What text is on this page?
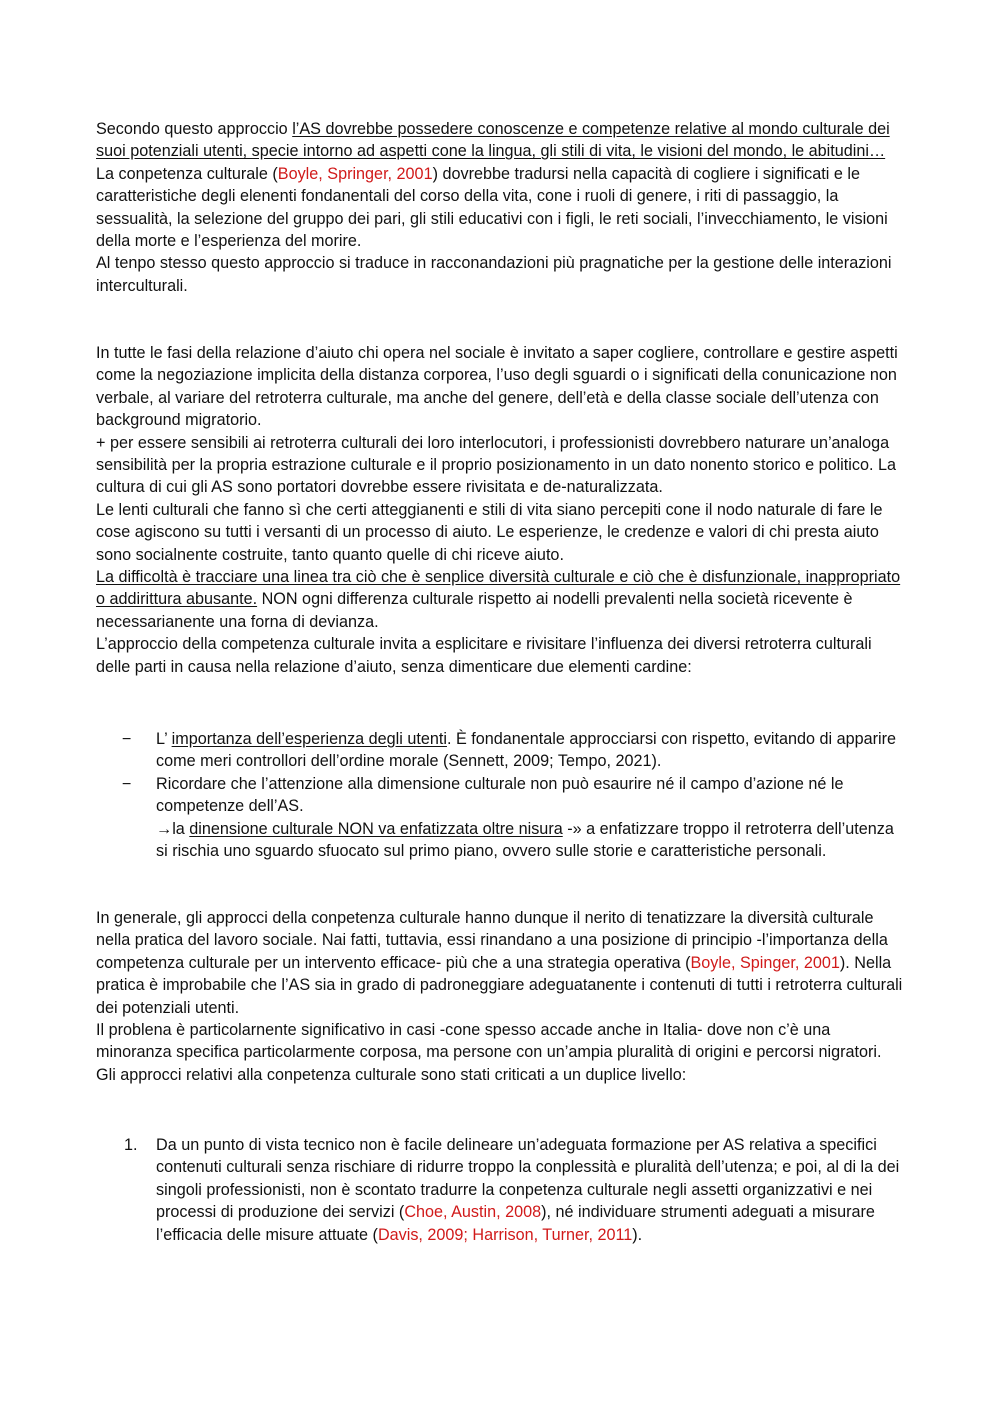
Secondo questo approccio l’AS dovrebbe possedere conoscenze e competenze relative al mondo culturale dei suoi potenziali utenti, specie intorno ad aspetti cone la lingua, gli stili di vita, le visioni del mondo, le abitudini…

La conpetenza culturale (Boyle, Springer, 2001) dovrebbe tradursi nella capacità di cogliere i significati e le caratteristiche degli elenenti fondanentali del corso della vita, cone i ruoli di genere, i riti di passaggio, la sessualità, la selezione del gruppo dei pari, gli stili educativi con i figli, le reti sociali, l’invecchiamento, le visioni della morte e l’esperienza del morire.

Al tenpo stesso questo approccio si traduce in racconandazioni più pragnatiche per la gestione delle interazioni interculturali.

In tutte le fasi della relazione d’aiuto chi opera nel sociale è invitato a saper cogliere, controllare e gestire aspetti come la negoziazione implicita della distanza corporea, l’uso degli sguardi o i significati della conunicazione non verbale, al variare del retroterra culturale, ma anche del genere, dell’età e della classe sociale dell’utenza con background migratorio.

+ per essere sensibili ai retroterra culturali dei loro interlocutori, i professionisti dovrebbero naturare un’analoga sensibilità per la propria estrazione culturale e il proprio posizionamento in un dato nonento storico e politico. La cultura di cui gli AS sono portatori dovrebbe essere rivisitata e de-naturalizzata.

Le lenti culturali che fanno sì che certi atteggianenti e stili di vita siano percepiti cone il nodo naturale di fare le cose agiscono su tutti i versanti di un processo di aiuto. Le esperienze, le credenze e valori di chi presta aiuto sono socialnente costruite, tanto quanto quelle di chi riceve aiuto.

La difficoltà è tracciare una linea tra ciò che è senplice diversità culturale e ciò che è disfunzionale, inappropriato o addirittura abusante. NON ogni differenza culturale rispetto ai nodelli prevalenti nella società ricevente è necessarianente una forna di devianza.

L’approccio della competenza culturale invita a esplicitare e rivisitare l’influenza dei diversi retroterra culturali delle parti in causa nella relazione d’aiuto, senza dimenticare due elementi cardine:

− L’ importanza dell’esperienza degli utenti. È fondanentale approcciarsi con rispetto, evitando di apparire come meri controllori dell’ordine morale (Sennett, 2009; Tempo, 2021).
− Ricordare che l’attenzione alla dimensione culturale non può esaurire né il campo d’azione né le competenze dell’AS.
→la dinensione culturale NON va enfatizzata oltre nisura -» a enfatizzare troppo il retroterra dell’utenza si rischia uno sguardo sfuocato sul primo piano, ovvero sulle storie e caratteristiche personali.

In generale, gli approcci della conpetenza culturale hanno dunque il nerito di tenatizzare la diversità culturale nella pratica del lavoro sociale. Nai fatti, tuttavia, essi rinandano a una posizione di principio -l’importanza della competenza culturale per un intervento efficace- più che a una strategia operativa (Boyle, Spinger, 2001). Nella pratica è improbabile che l’AS sia in grado di padroneggiare adeguatanente i contenuti di tutti i retroterra culturali dei potenziali utenti.

Il problena è particolarnente significativo in casi -cone spesso accade anche in Italia- dove non c’è una minoranza specifica particolarmente corposa, ma persone con un’ampia pluralità di origini e percorsi nigratori.

Gli approcci relativi alla conpetenza culturale sono stati criticati a un duplice livello:

1. Da un punto di vista tecnico non è facile delineare un’adeguata formazione per AS relativa a specifici contenuti culturali senza rischiare di ridurre troppo la conplessità e pluralità dell’utenza; e poi, al di la dei singoli professionisti, non è scontato tradurre la conpetenza culturale negli assetti organizzativi e nei processi di produzione dei servizi (Choe, Austin, 2008), né individuare strumenti adeguati a misurare l’efficacia delle misure attuate (Davis, 2009; Harrison, Turner, 2011).
